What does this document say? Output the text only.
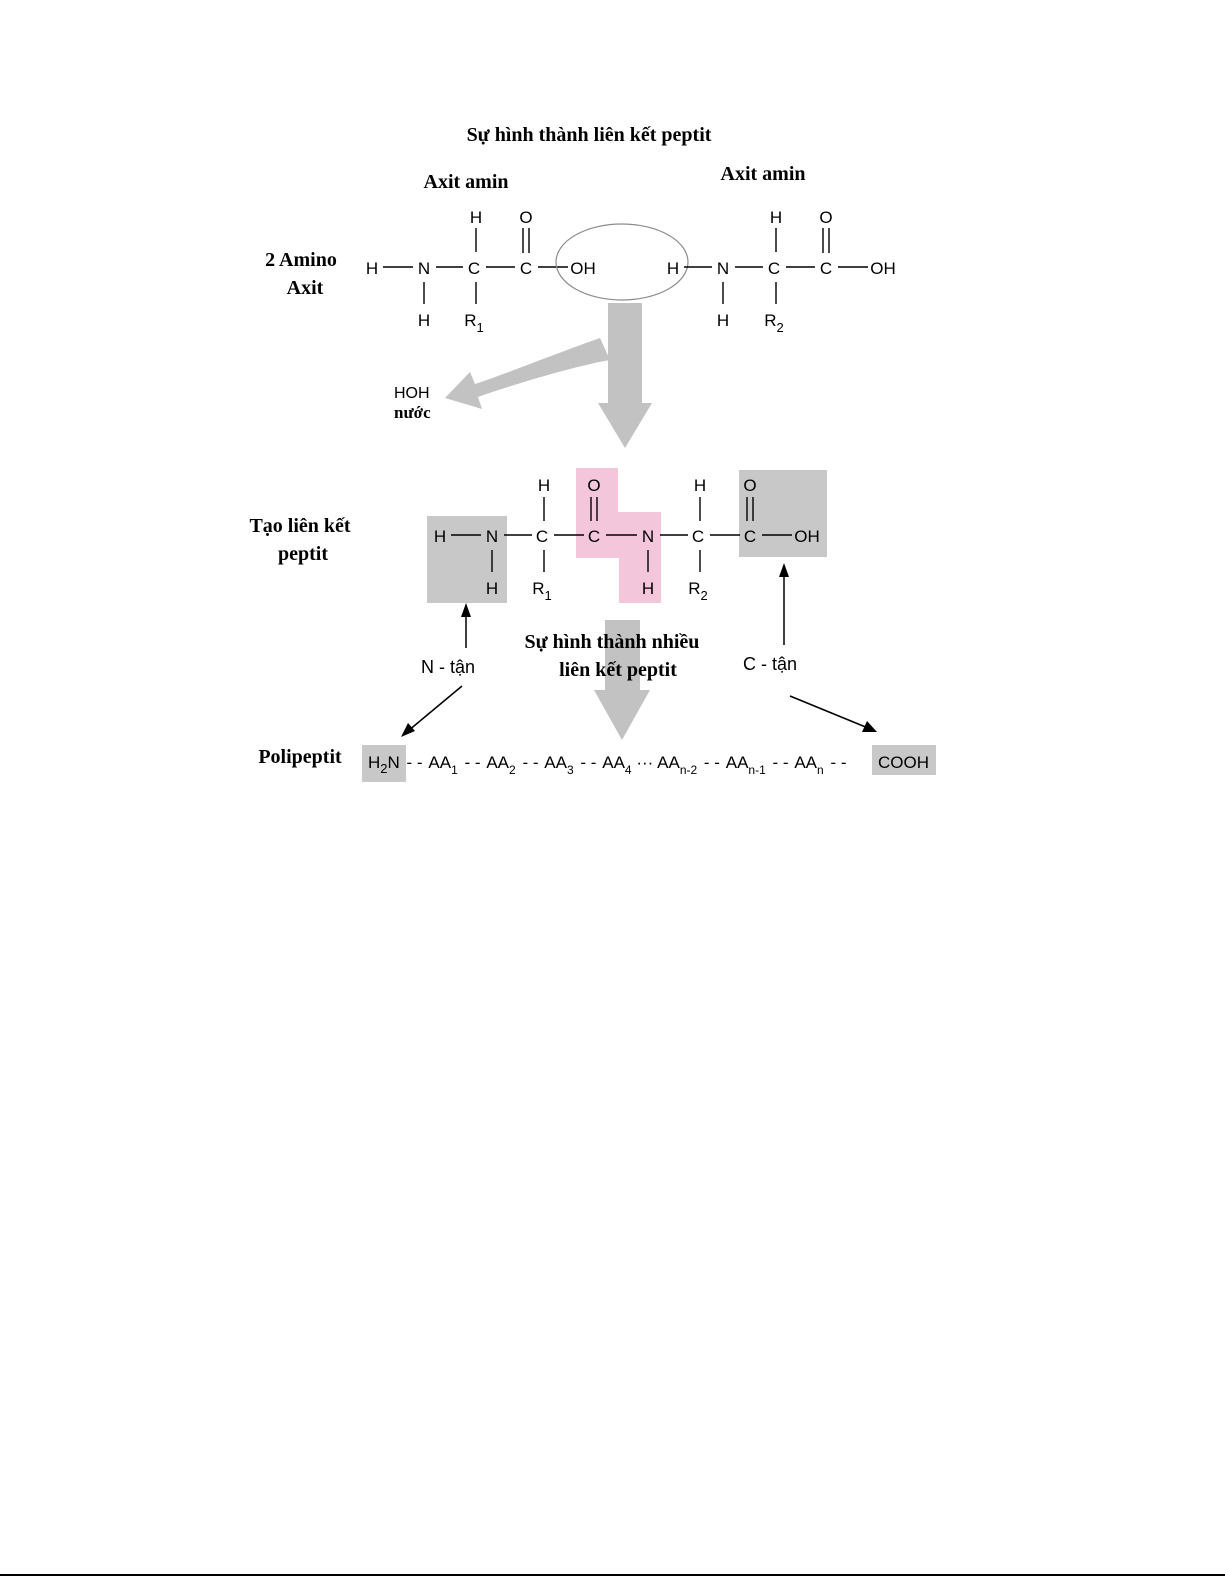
Sự hình thành liên kết peptit
Axit amin	Axit amin
2 Amino
Axit
H N
H
C
H
$R_1$
C
O
OH	H N
H
C
H
$R_2$
C
O
OH
HOH
nước
Tạo liên kết
peptit
H N
H
C
H
$R_1$
C
O
N
H
C
H
$R_2$
C
O
OH
Sự hình thành nhiều
liên kết peptit
N - tận	C - tận
Polipeptit $H_2N$ - - $AA_1$ - - $AA_2$ - - $AA_3$ - - $AA_4$ ··· $AA_{n-2}$ - - $AA_{n-1}$ - - $AA_n$ - - COOH
